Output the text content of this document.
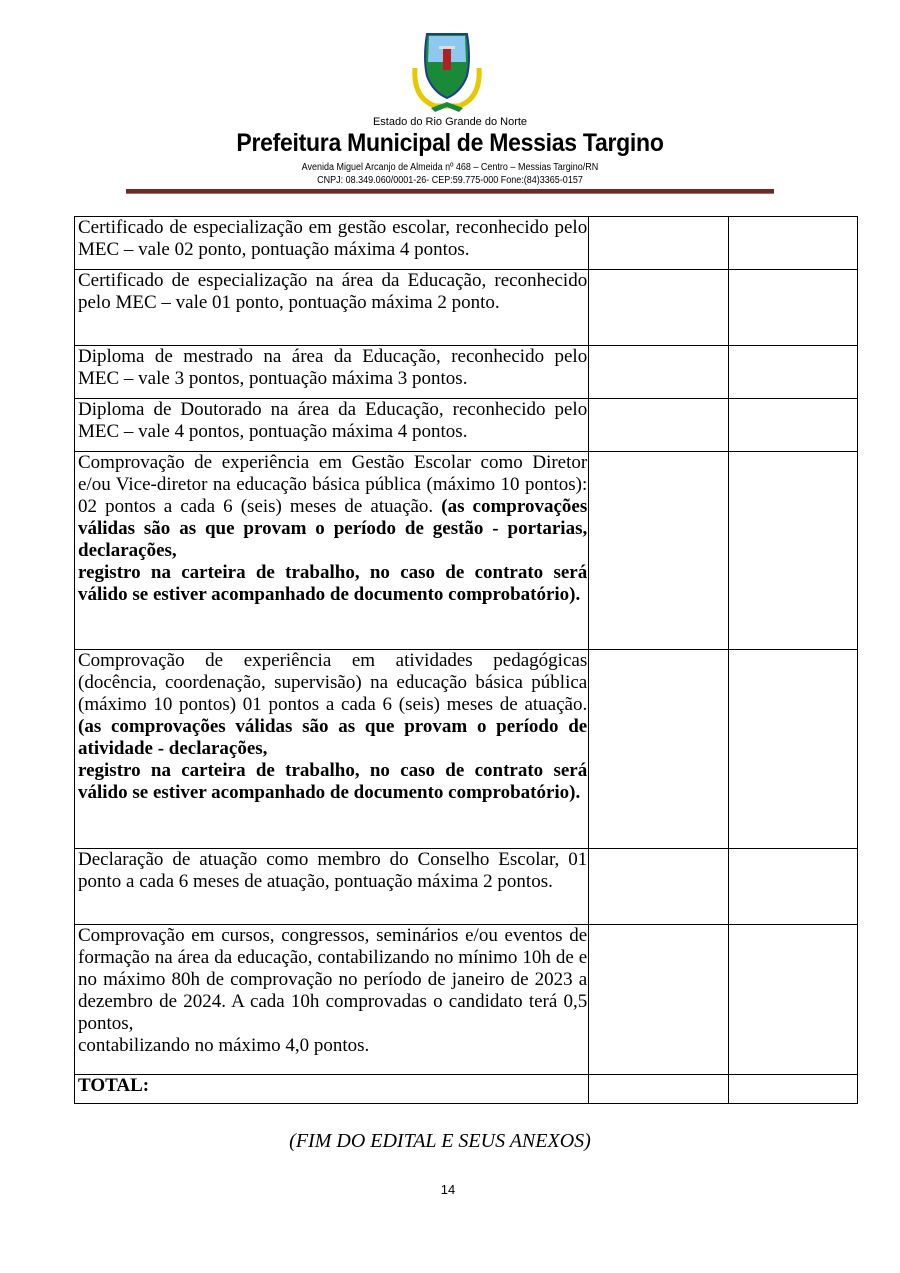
Estado do Rio Grande do Norte
Prefeitura Municipal de Messias Targino
Avenida Miguel Arcanjo de Almeida nº 468 – Centro – Messias Targino/RN
CNPJ: 08.349.060/0001-26- CEP:59.775-000 Fone:(84)3365-0157
Certificado de especialização em gestão escolar, reconhecido pelo MEC – vale 02 ponto, pontuação máxima 4 pontos.		
Certificado de especialização na área da Educação, reconhecido pelo MEC – vale 01 ponto, pontuação máxima 2 ponto.		
Diploma de mestrado na área da Educação, reconhecido pelo MEC – vale 3 pontos, pontuação máxima 3 pontos.		
Diploma de Doutorado na área da Educação, reconhecido pelo MEC – vale 4 pontos, pontuação máxima 4 pontos.		
Comprovação de experiência em Gestão Escolar como Diretor e/ou Vice-diretor na educação básica pública (máximo 10 pontos): 02 pontos a cada 6 (seis) meses de atuação. (as comprovações válidas são as que provam o período de gestão - portarias, declarações,
registro na carteira de trabalho, no caso de contrato será válido se estiver acompanhado de documento comprobatório).		
Comprovação de experiência em atividades pedagógicas (docência, coordenação, supervisão) na educação básica pública (máximo 10 pontos) 01 pontos a cada 6 (seis) meses de atuação. (as comprovações válidas são as que provam o período de atividade - declarações,
registro na carteira de trabalho, no caso de contrato será válido se estiver acompanhado de documento comprobatório).		
Declaração de atuação como membro do Conselho Escolar, 01 ponto a cada 6 meses de atuação, pontuação máxima 2 pontos.		
Comprovação em cursos, congressos, seminários e/ou eventos de formação na área da educação, contabilizando no mínimo 10h de e no máximo 80h de comprovação no período de janeiro de 2023 a dezembro de 2024. A cada 10h comprovadas o candidato terá 0,5 pontos,
contabilizando no máximo 4,0 pontos.		
TOTAL:		
(FIM DO EDITAL E SEUS ANEXOS)
14
